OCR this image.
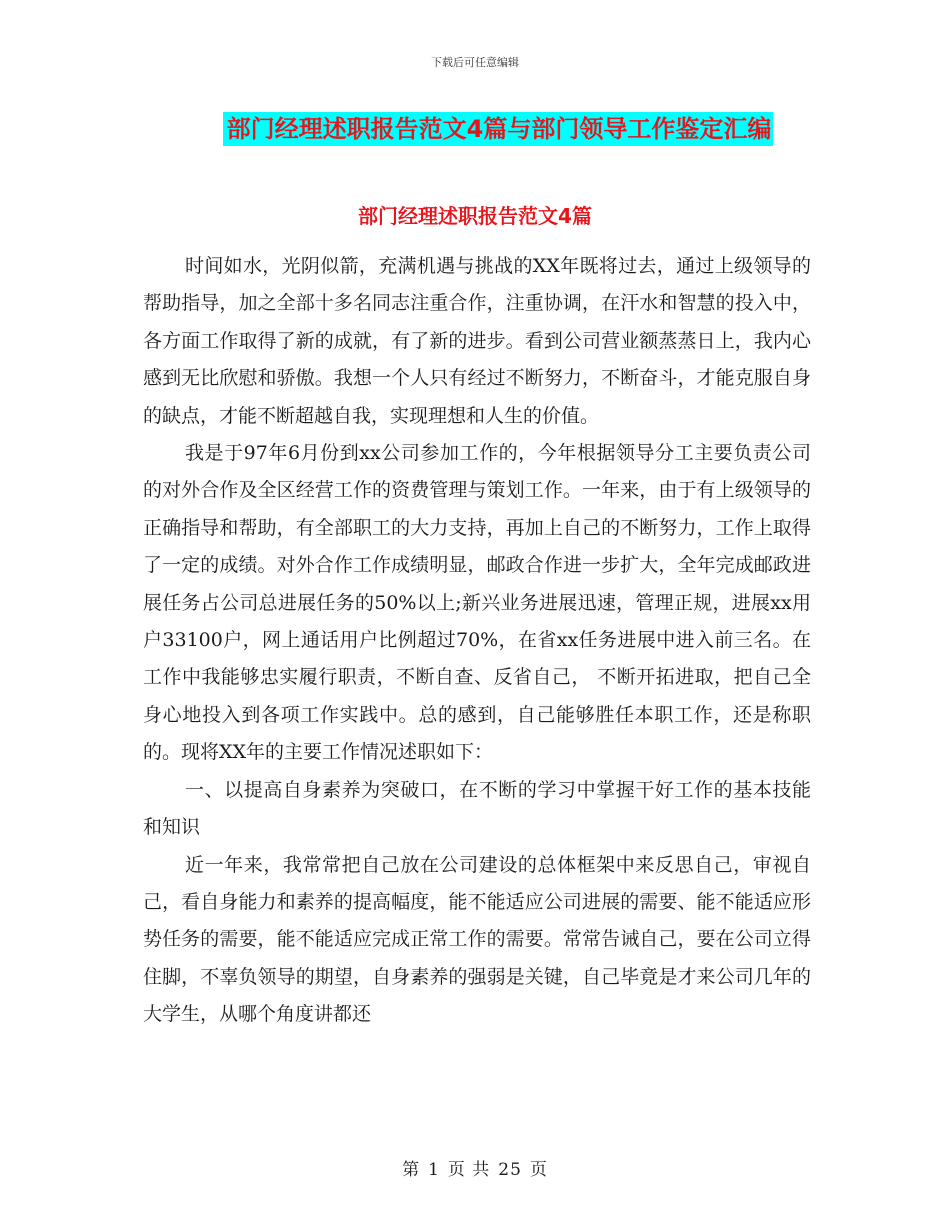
下载后可任意编辑
部门经理述职报告范文4篇与部门领导工作鉴定汇编
部门经理述职报告范文4篇

时间如水，光阴似箭，充满机遇与挑战的XX年既将过去，通过上级领导的帮助指导，加之全部十多名同志注重合作，注重协调，在汗水和智慧的投入中，各方面工作取得了新的成就，有了新的进步。看到公司营业额蒸蒸日上，我内心感到无比欣慰和骄傲。我想一个人只有经过不断努力，不断奋斗，才能克服自身的缺点，才能不断超越自我，实现理想和人生的价值。

我是于97年6月份到xx公司参加工作的，今年根据领导分工主要负责公司的对外合作及全区经营工作的资费管理与策划工作。一年来，由于有上级领导的正确指导和帮助，有全部职工的大力支持，再加上自己的不断努力，工作上取得了一定的成绩。对外合作工作成绩明显，邮政合作进一步扩大，全年完成邮政进展任务占公司总进展任务的50%以上;新兴业务进展迅速，管理正规，进展xx用户33100户，网上通话用户比例超过70%，在省xx任务进展中进入前三名。在工作中我能够忠实履行职责，不断自查、反省自己， 不断开拓进取，把自己全身心地投入到各项工作实践中。总的感到，自己能够胜任本职工作，还是称职的。现将XX年的主要工作情况述职如下：

一、以提高自身素养为突破口，在不断的学习中掌握干好工作的基本技能和知识

近一年来，我常常把自己放在公司建设的总体框架中来反思自己，审视自己，看自身能力和素养的提高幅度，能不能适应公司进展的需要、能不能适应形势任务的需要，能不能适应完成正常工作的需要。常常告诫自己，要在公司立得住脚，不辜负领导的期望，自身素养的强弱是关键，自己毕竟是才来公司几年的大学生，从哪个角度讲都还

第 1 页 共 25 页
